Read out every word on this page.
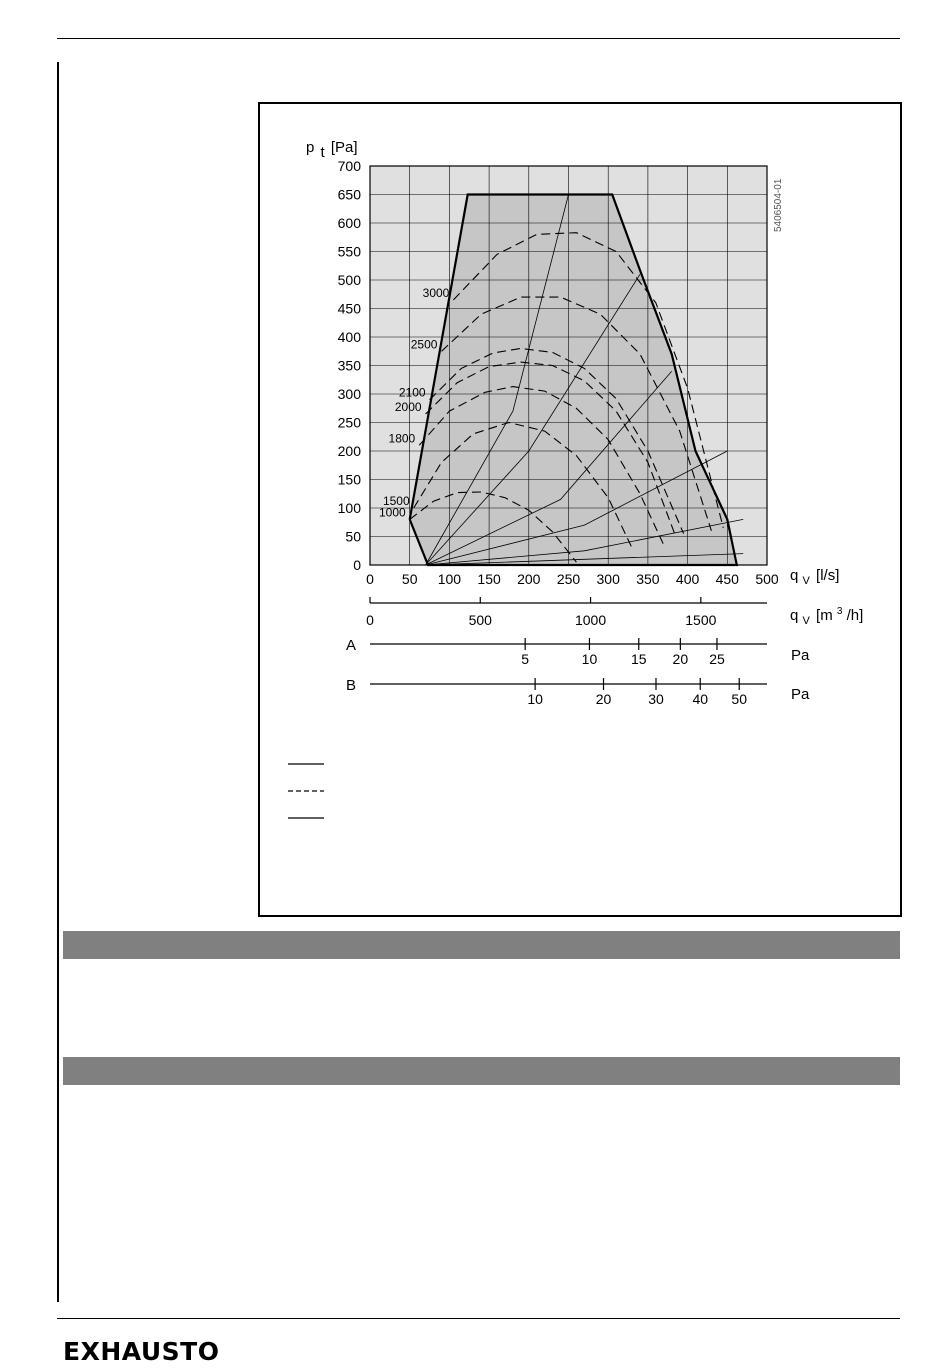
0
50
100
150
200
250
300
350
400
450
500
550
600
650
700
0 50 100 150 200 250 300 350 400 450 500
1000
1500
1800
2000
2100
2500
3000
p t [Pa]
q $_V$ [l/s]
5406504-01
0	500	1000	1500	q $_V$ [m $^3$ /h]
A
5	10 15 20 25	Pa
B
10	20	30 40 50	Pa
EXHAUSTO
